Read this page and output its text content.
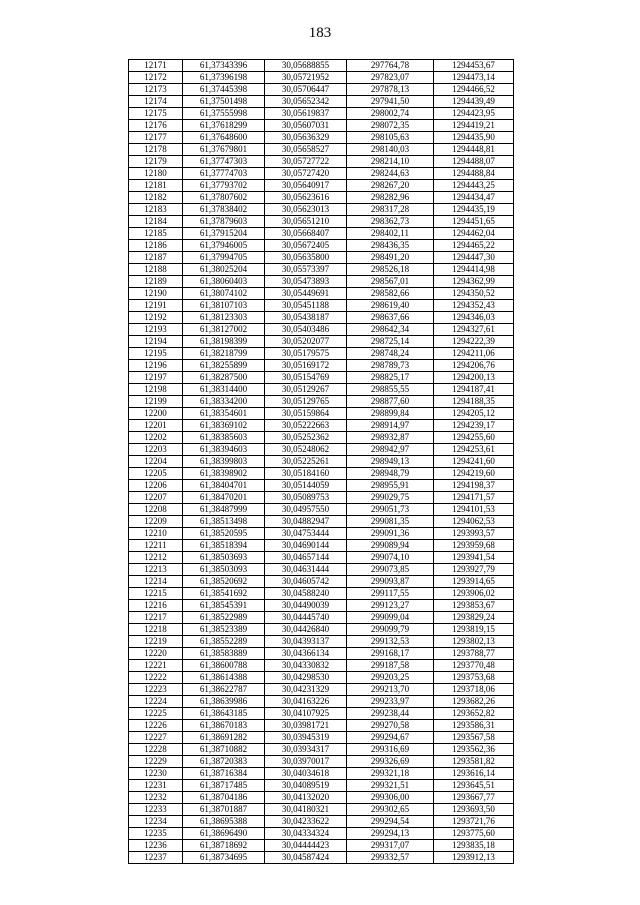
183
12171	61,37343396	30,05688855	297764,78	1294453,67
12172	61,37396198	30,05721952	297823,07	1294473,14
12173	61,37445398	30,05706447	297878,13	1294466,52
12174	61,37501498	30,05652342	297941,50	1294439,49
12175	61,37555998	30,05619837	298002,74	1294423,95
12176	61,37618299	30,05607031	298072,35	1294419,21
12177	61,37648600	30,05636329	298105,63	1294435,90
12178	61,37679801	30,05658527	298140,03	1294448,81
12179	61,37747303	30,05727722	298214,10	1294488,07
12180	61,37774703	30,05727420	298244,63	1294488,84
12181	61,37793702	30,05640917	298267,20	1294443,25
12182	61,37807602	30,05623616	298282,96	1294434,47
12183	61,37838402	30,05623013	298317,28	1294435,19
12184	61,37879603	30,05651210	298362,73	1294451,65
12185	61,37915204	30,05668407	298402,11	1294462,04
12186	61,37946005	30,05672405	298436,35	1294465,22
12187	61,37994705	30,05635800	298491,20	1294447,30
12188	61,38025204	30,05573397	298526,18	1294414,98
12189	61,38060403	30,05473893	298567,01	1294362,99
12190	61,38074102	30,05449691	298582,66	1294350,52
12191	61,38107103	30,05451188	298619,40	1294352,43
12192	61,38123303	30,05438187	298637,66	1294346,03
12193	61,38127002	30,05403486	298642,34	1294327,61
12194	61,38198399	30,05202077	298725,14	1294222,39
12195	61,38218799	30,05179575	298748,24	1294211,06
12196	61,38255899	30,05169172	298789,73	1294206,76
12197	61,38287500	30,05154769	298825,17	1294200,13
12198	61,38314400	30,05129267	298855,55	1294187,41
12199	61,38334200	30,05129765	298877,60	1294188,35
12200	61,38354601	30,05159864	298899,84	1294205,12
12201	61,38369102	30,05222663	298914,97	1294239,17
12202	61,38385603	30,05252362	298932,87	1294255,60
12203	61,38394603	30,05248062	298942,97	1294253,61
12204	61,38399803	30,05225261	298949,13	1294241,60
12205	61,38398902	30,05184160	298948,79	1294219,60
12206	61,38404701	30,05144059	298955,91	1294198,37
12207	61,38470201	30,05089753	299029,75	1294171,57
12208	61,38487999	30,04957550	299051,73	1294101,53
12209	61,38513498	30,04882947	299081,35	1294062,53
12210	61,38520595	30,04753444	299091,36	1293993,57
12211	61,38518394	30,04690144	299089,94	1293959,68
12212	61,38503693	30,04657144	299074,10	1293941,54
12213	61,38503093	30,04631444	299073,85	1293927,79
12214	61,38520692	30,04605742	299093,87	1293914,65
12215	61,38541692	30,04588240	299117,55	1293906,02
12216	61,38545391	30,04490039	299123,27	1293853,67
12217	61,38522989	30,04445740	299099,04	1293829,24
12218	61,38523389	30,04426840	299099,79	1293819,15
12219	61,38552289	30,04393137	299132,53	1293802,13
12220	61,38583889	30,04366134	299168,17	1293788,77
12221	61,38600788	30,04330832	299187,58	1293770,48
12222	61,38614388	30,04298530	299203,25	1293753,68
12223	61,38622787	30,04231329	299213,70	1293718,06
12224	61,38639986	30,04163226	299233,97	1293682,26
12225	61,38643185	30,04107925	299238,44	1293652,82
12226	61,38670183	30,03981721	299270,58	1293586,31
12227	61,38691282	30,03945319	299294,67	1293567,58
12228	61,38710882	30,03934317	299316,69	1293562,36
12229	61,38720383	30,03970017	299326,69	1293581,82
12230	61,38716384	30,04034618	299321,18	1293616,14
12231	61,38717485	30,04089519	299321,51	1293645,51
12232	61,38704186	30,04132020	299306,00	1293667,77
12233	61,38701887	30,04180321	299302,65	1293693,50
12234	61,38695388	30,04233622	299294,54	1293721,76
12235	61,38696490	30,04334324	299294,13	1293775,60
12236	61,38718692	30,04444423	299317,07	1293835,18
12237	61,38734695	30,04587424	299332,57	1293912,13
